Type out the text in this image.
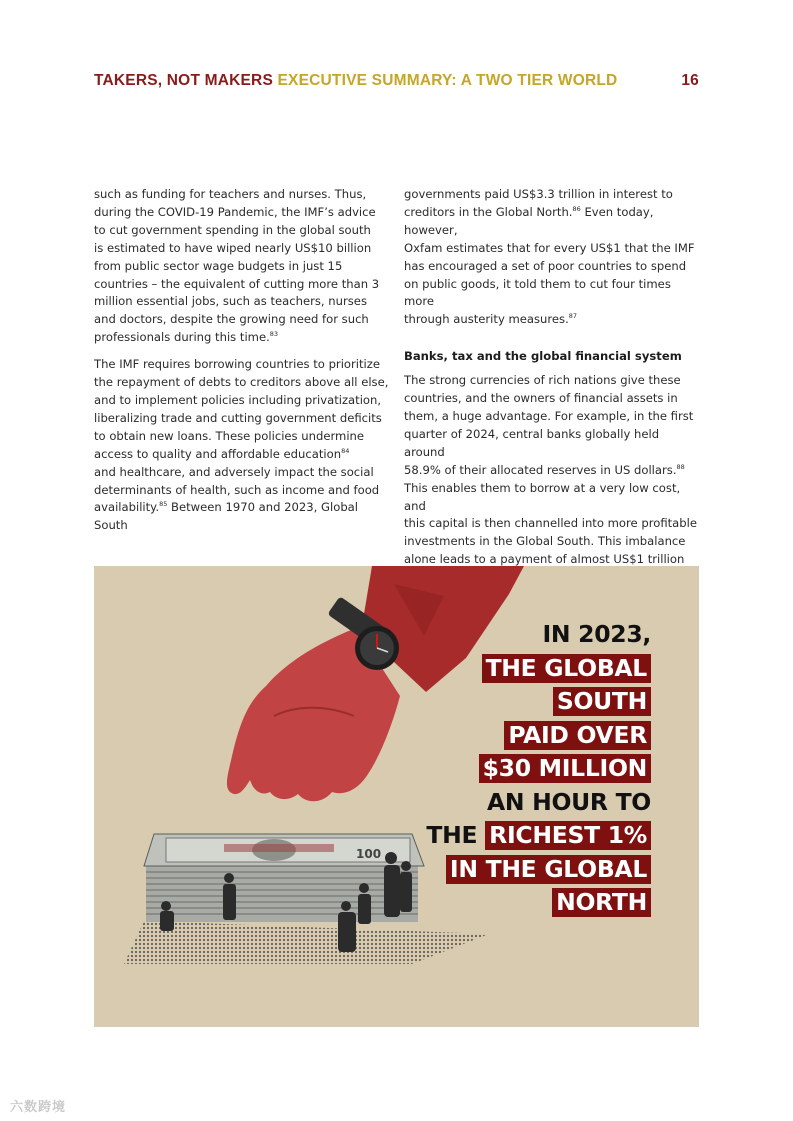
TAKERS, NOT MAKERS EXECUTIVE SUMMARY: A TWO TIER WORLD	16

such as funding for teachers and nurses. Thus,
during the COVID-19 Pandemic, the IMF’s advice
to cut government spending in the global south
is estimated to have wiped nearly US$10 billion
from public sector wage budgets in just 15
countries – the equivalent of cutting more than 3
million essential jobs, such as teachers, nurses
and doctors, despite the growing need for such
professionals during this time.$^{83}$

The IMF requires borrowing countries to prioritize
the repayment of debts to creditors above all else,
and to implement policies including privatization,
liberalizing trade and cutting government deficits
to obtain new loans. These policies undermine
access to quality and affordable education$^{84}$
and healthcare, and adversely impact the social
determinants of health, such as income and food
availability.$^{85}$ Between 1970 and 2023, Global South

governments paid US$3.3 trillion in interest to
creditors in the Global North.$^{86}$ Even today, however,
Oxfam estimates that for every US$1 that the IMF
has encouraged a set of poor countries to spend
on public goods, it told them to cut four times more
through austerity measures.$^{87}$

Banks, tax and the global financial system

The strong currencies of rich nations give these
countries, and the owners of financial assets in
them, a huge advantage. For example, in the first
quarter of 2024, central banks globally held around
58.9% of their allocated reserves in US dollars.$^{88}$
This enables them to borrow at a very low cost, and
this capital is then channelled into more profitable
investments in the Global South. This imbalance
alone leads to a payment of almost US$1 trillion

100
IN 2023,
THE GLOBAL
SOUTH
PAID OVER
$30 MILLION
AN HOUR TO
THE RICHEST 1%
IN THE GLOBAL
NORTH
六数跨境
